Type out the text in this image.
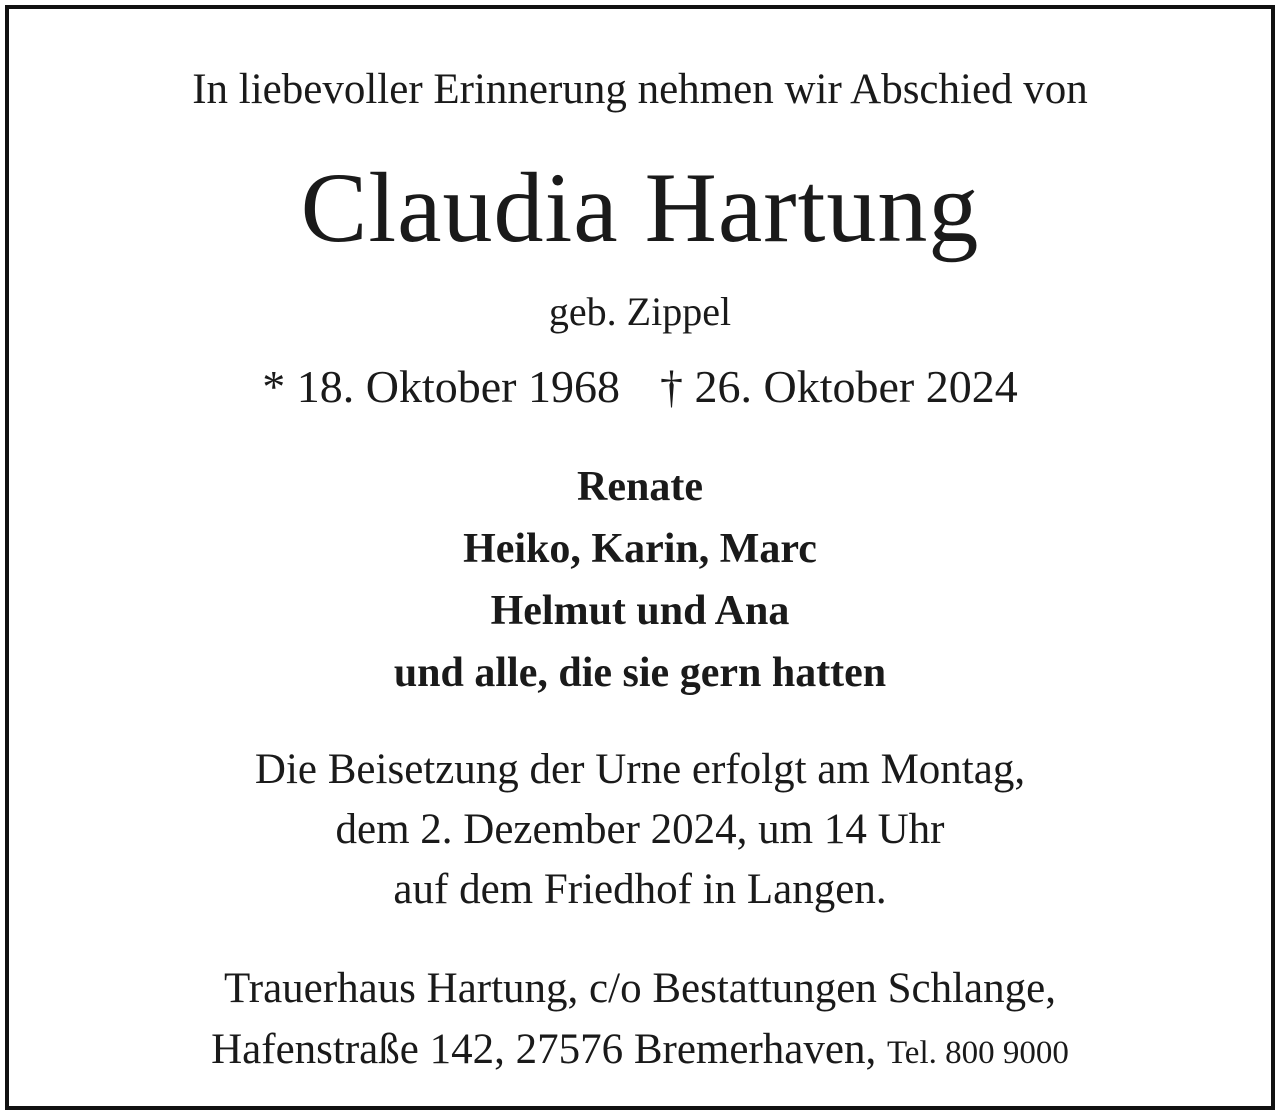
In liebevoller Erinnerung nehmen wir Abschied von
Claudia Hartung
geb. Zippel
* 18. Oktober 1968 † 26. Oktober 2024
Renate
Heiko, Karin, Marc
Helmut und Ana
und alle, die sie gern hatten
Die Beisetzung der Urne erfolgt am Montag,
dem 2. Dezember 2024, um 14 Uhr
auf dem Friedhof in Langen.
Trauerhaus Hartung, c/o Bestattungen Schlange,
Hafenstraße 142, 27576 Bremerhaven, Tel. 800 9000
